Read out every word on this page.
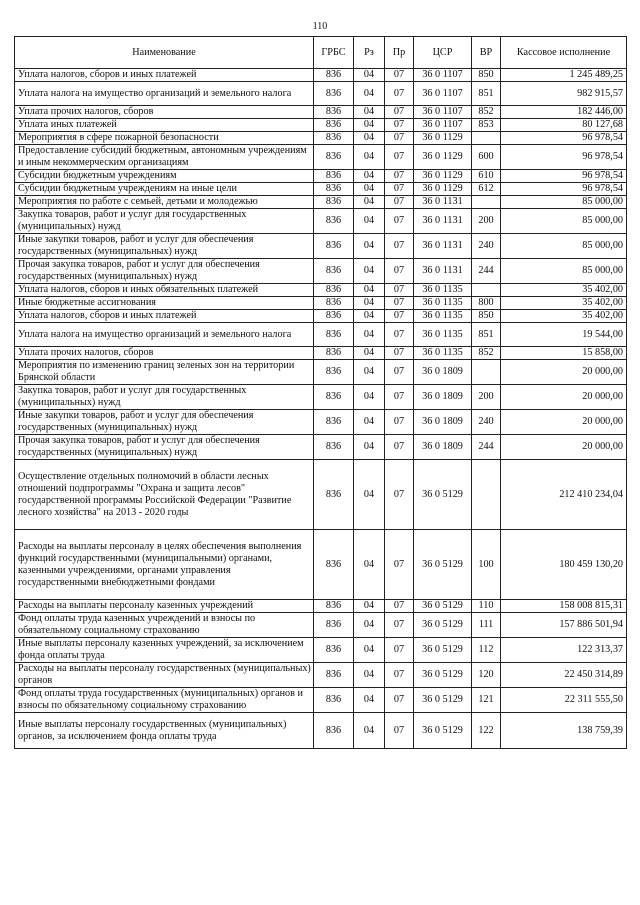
110
Наименование	ГРБС	Рз	Пр	ЦСР	ВР	Кассовое исполнение
Уплата налогов, сборов и иных платежей	836	04	07	36 0 1107	850	1 245 489,25
Уплата налога на имущество организаций и земельного налога	836	04	07	36 0 1107	851	982 915,57
Уплата прочих налогов, сборов	836	04	07	36 0 1107	852	182 446,00
Уплата иных платежей	836	04	07	36 0 1107	853	80 127,68
Мероприятия в сфере пожарной безопасности	836	04	07	36 0 1129		96 978,54
Предоставление субсидий бюджетным, автономным учреждениям и иным некоммерческим организациям	836	04	07	36 0 1129	600	96 978,54
Субсидии бюджетным учреждениям	836	04	07	36 0 1129	610	96 978,54
Субсидии бюджетным учреждениям на иные цели	836	04	07	36 0 1129	612	96 978,54
Мероприятия по работе с семьей, детьми и молодежью	836	04	07	36 0 1131		85 000,00
Закупка товаров, работ и услуг для государственных (муниципальных) нужд	836	04	07	36 0 1131	200	85 000,00
Иные закупки товаров, работ и услуг для обеспечения государственных (муниципальных) нужд	836	04	07	36 0 1131	240	85 000,00
Прочая закупка товаров, работ и услуг для обеспечения государственных (муниципальных) нужд	836	04	07	36 0 1131	244	85 000,00
Уплата налогов, сборов и иных обязательных платежей	836	04	07	36 0 1135		35 402,00
Иные бюджетные ассигнования	836	04	07	36 0 1135	800	35 402,00
Уплата налогов, сборов и иных платежей	836	04	07	36 0 1135	850	35 402,00
Уплата налога на имущество организаций и земельного налога	836	04	07	36 0 1135	851	19 544,00
Уплата прочих налогов, сборов	836	04	07	36 0 1135	852	15 858,00
Мероприятия по изменению границ зеленых зон на территории Брянской области	836	04	07	36 0 1809		20 000,00
Закупка товаров, работ и услуг для государственных (муниципальных) нужд	836	04	07	36 0 1809	200	20 000,00
Иные закупки товаров, работ и услуг для обеспечения государственных (муниципальных) нужд	836	04	07	36 0 1809	240	20 000,00
Прочая закупка товаров, работ и услуг для обеспечения государственных (муниципальных) нужд	836	04	07	36 0 1809	244	20 000,00
Осуществление отдельных полномочий в области лесных отношений подпрограммы "Охрана и защита лесов" государственной программы Российской Федерации "Развитие лесного хозяйства" на 2013 - 2020 годы	836	04	07	36 0 5129		212 410 234,04
Расходы на выплаты персоналу в целях обеспечения выполнения функций государственными (муниципальными) органами, казенными учреждениями, органами управления государственными внебюджетными фондами	836	04	07	36 0 5129	100	180 459 130,20
Расходы на выплаты персоналу казенных учреждений	836	04	07	36 0 5129	110	158 008 815,31
Фонд оплаты труда казенных учреждений и взносы по обязательному социальному страхованию	836	04	07	36 0 5129	111	157 886 501,94
Иные выплаты персоналу казенных учреждений, за исключением фонда оплаты труда	836	04	07	36 0 5129	112	122 313,37
Расходы на выплаты персоналу государственных (муниципальных) органов	836	04	07	36 0 5129	120	22 450 314,89
Фонд оплаты труда государственных (муниципальных) органов и взносы по обязательному социальному страхованию	836	04	07	36 0 5129	121	22 311 555,50
Иные выплаты персоналу государственных (муниципальных) органов, за исключением фонда оплаты труда	836	04	07	36 0 5129	122	138 759,39
